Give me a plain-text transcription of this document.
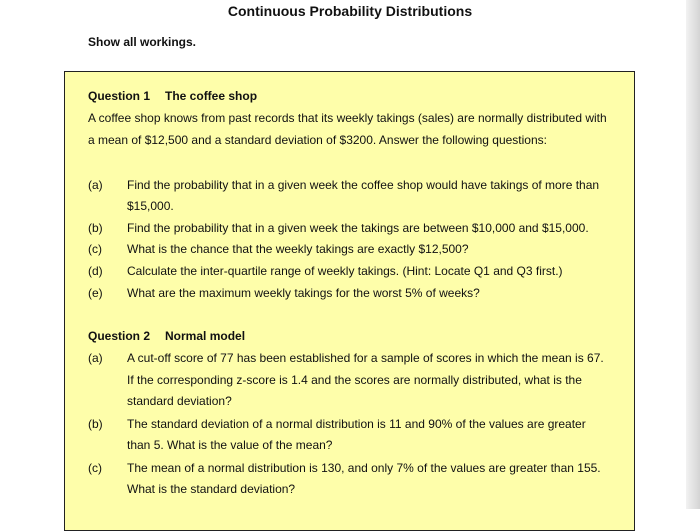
Continuous Probability Distributions
Show all workings.
Question 1 The coffee shop
A coffee shop knows from past records that its weekly takings (sales) are normally distributed with
a mean of $12,500 and a standard deviation of $3200. Answer the following questions:
(a) Find the probability that in a given week the coffee shop would have takings of more than
$15,000.
(b) Find the probability that in a given week the takings are between $10,000 and $15,000.
(c) What is the chance that the weekly takings are exactly $12,500?
(d) Calculate the inter-quartile range of weekly takings. (Hint: Locate Q1 and Q3 first.)
(e) What are the maximum weekly takings for the worst 5% of weeks?
Question 2 Normal model
(a) A cut-off score of 77 has been established for a sample of scores in which the mean is 67.
If the corresponding z-score is 1.4 and the scores are normally distributed, what is the
standard deviation?
(b) The standard deviation of a normal distribution is 11 and 90% of the values are greater
than 5. What is the value of the mean?
(c) The mean of a normal distribution is 130, and only 7% of the values are greater than 155.
What is the standard deviation?
